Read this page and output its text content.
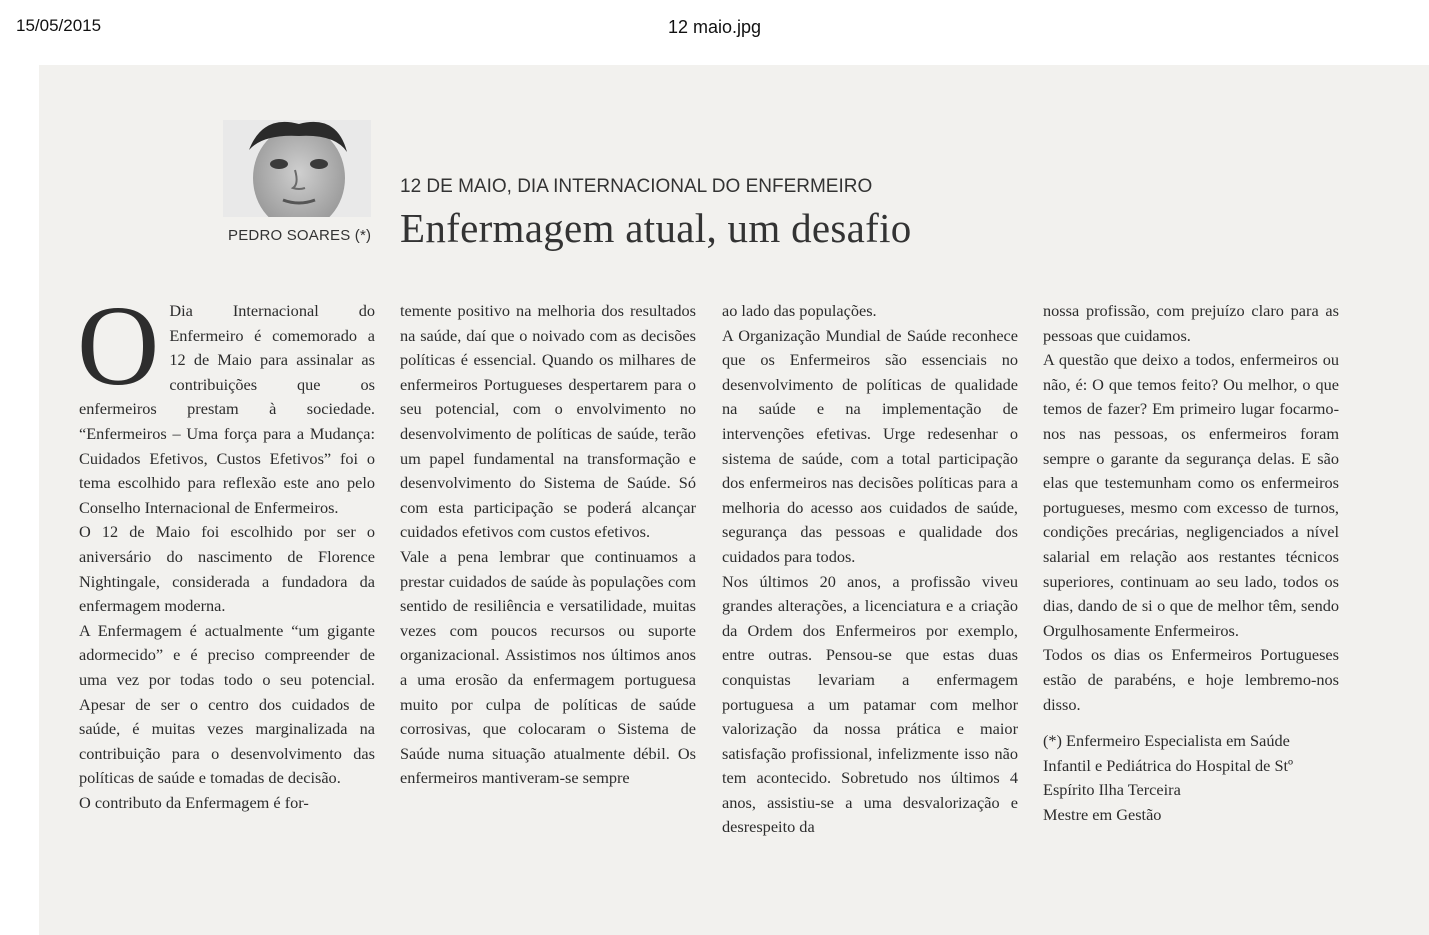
15/05/2015	12 maio.jpg
PEDRO SOARES (*)
12 DE MAIO, DIA INTERNACIONAL DO ENFERMEIRO
Enfermagem atual, um desafio
O Dia Internacional do Enfermeiro é comemorado a 12 de Maio para assinalar as contribuições que os enfermeiros prestam à sociedade. “Enfermeiros – Uma força para a Mudança: Cuidados Efetivos, Custos Efetivos” foi o tema escolhido para reflexão este ano pelo Conselho Internacional de Enfermeiros.

O 12 de Maio foi escolhido por ser o aniversário do nascimento de Florence Nightingale, considerada a fundadora da enfermagem moderna.

A Enfermagem é actualmente “um gigante adormecido” e é preciso compreender de uma vez por todas todo o seu potencial. Apesar de ser o centro dos cuidados de saúde, é muitas vezes marginalizada na contribuição para o desenvolvimento das políticas de saúde e tomadas de decisão.

O contributo da Enfermagem é for-

temente positivo na melhoria dos resultados na saúde, daí que o noivado com as decisões políticas é essencial. Quando os milhares de enfermeiros Portugueses despertarem para o seu potencial, com o envolvimento no desenvolvimento de políticas de saúde, terão um papel fundamental na transformação e desenvolvimento do Sistema de Saúde. Só com esta participação se poderá alcançar cuidados efetivos com custos efetivos.

Vale a pena lembrar que continuamos a prestar cuidados de saúde às populações com sentido de resiliência e versatilidade, muitas vezes com poucos recursos ou suporte organizacional. Assistimos nos últimos anos a uma erosão da enfermagem portuguesa muito por culpa de políticas de saúde corrosivas, que colocaram o Sistema de Saúde numa situação atualmente débil. Os enfermeiros mantiveram-se sempre

ao lado das populações.

A Organização Mundial de Saúde reconhece que os Enfermeiros são essenciais no desenvolvimento de políticas de qualidade na saúde e na implementação de intervenções efetivas. Urge redesenhar o sistema de saúde, com a total participação dos enfermeiros nas decisões políticas para a melhoria do acesso aos cuidados de saúde, segurança das pessoas e qualidade dos cuidados para todos.

Nos últimos 20 anos, a profissão viveu grandes alterações, a licenciatura e a criação da Ordem dos Enfermeiros por exemplo, entre outras. Pensou-se que estas duas conquistas levariam a enfermagem portuguesa a um patamar com melhor valorização da nossa prática e maior satisfação profissional, infelizmente isso não tem acontecido. Sobretudo nos últimos 4 anos, assistiu-se a uma desvalorização e desrespeito da

nossa profissão, com prejuízo claro para as pessoas que cuidamos.

A questão que deixo a todos, enfermeiros ou não, é: O que temos feito? Ou melhor, o que temos de fazer? Em primeiro lugar focarmo-nos nas pessoas, os enfermeiros foram sempre o garante da segurança delas. E são elas que testemunham como os enfermeiros portugueses, mesmo com excesso de turnos, condições precárias, negligenciados a nível salarial em relação aos restantes técnicos superiores, continuam ao seu lado, todos os dias, dando de si o que de melhor têm, sendo Orgulhosamente Enfermeiros.

Todos os dias os Enfermeiros Portugueses estão de parabéns, e hoje lembremo-nos disso.

(*) Enfermeiro Especialista em Saúde Infantil e Pediátrica do Hospital de Stº Espírito Ilha Terceira

Mestre em Gestão
